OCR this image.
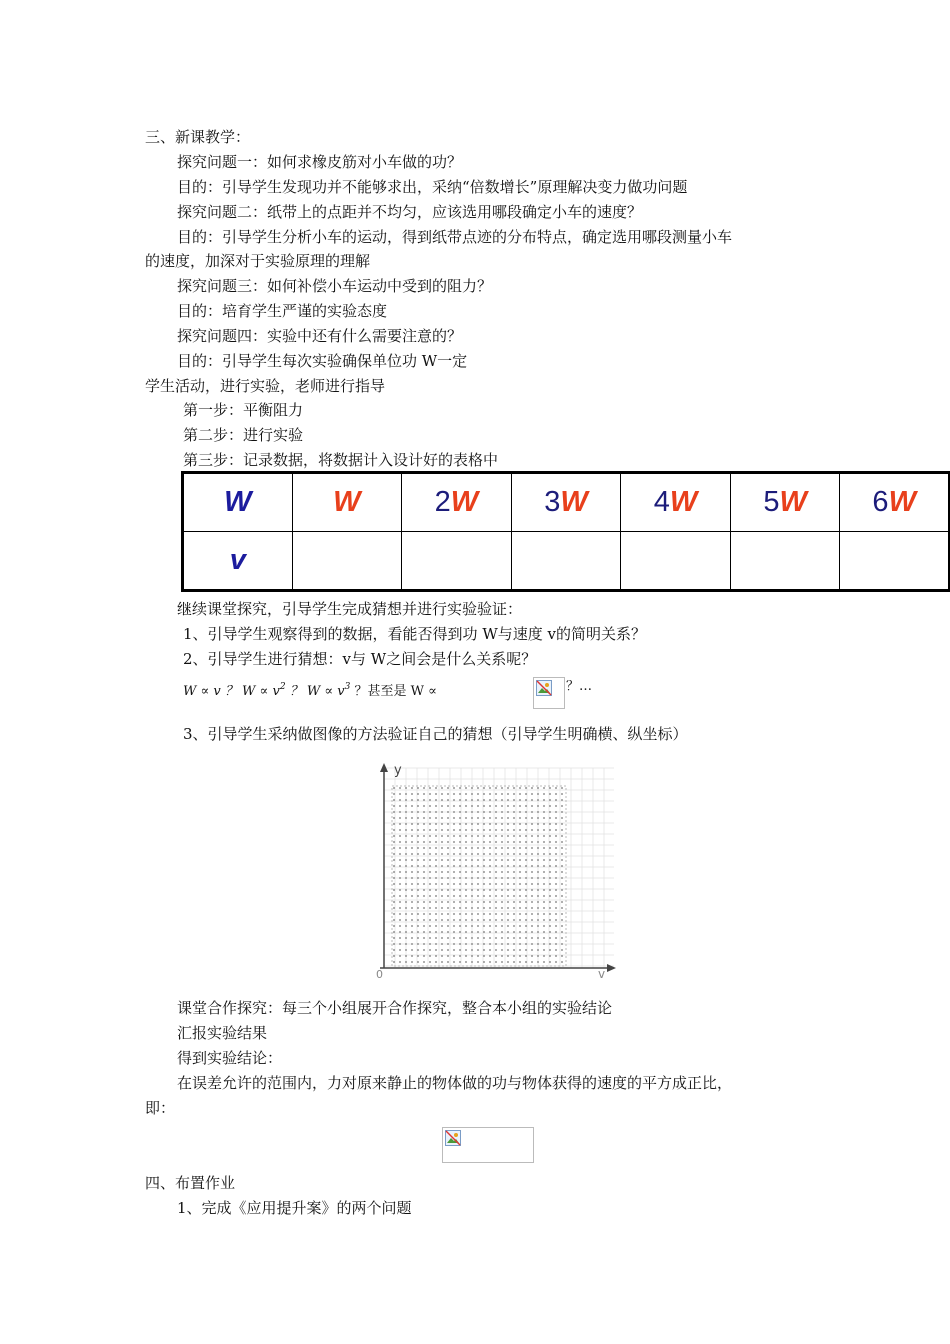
三、新课教学：
探究问题一：如何求橡皮筋对小车做的功？
目的：引导学生发现功并不能够求出，采纳“倍数增长”原理解决变力做功问题
探究问题二：纸带上的点距并不均匀，应该选用哪段确定小车的速度？
目的：引导学生分析小车的运动，得到纸带点迹的分布特点，确定选用哪段测量小车
的速度，加深对于实验原理的理解
探究问题三：如何补偿小车运动中受到的阻力？
目的：培育学生严谨的实验态度
探究问题四：实验中还有什么需要注意的？
目的：引导学生每次实验确保单位功 W一定
学生活动，进行实验，老师进行指导
第一步：平衡阻力
第二步：进行实验
第三步：记录数据，将数据计入设计好的表格中
W	W	2W	3W	4W	5W	6W
v						
继续课堂探究，引导学生完成猜想并进行实验验证：
1、引导学生观察得到的数据，看能否得到功 W与速度 v的简明关系？
2、引导学生进行猜想：v与 W之间会是什么关系呢？
W ∝ v ？ $W \propto v^2$ ？ $W \propto v^3$ ？甚至是 W ∝	？…
3、引导学生采纳做图像的方法验证自己的猜想（引导学生明确横、纵坐标）
y
v
0
课堂合作探究：每三个小组展开合作探究，整合本小组的实验结论
汇报实验结果
得到实验结论：
在误差允许的范围内，力对原来静止的物体做的功与物体获得的速度的平方成正比，
即：
四、布置作业
1、完成《应用提升案》的两个问题
